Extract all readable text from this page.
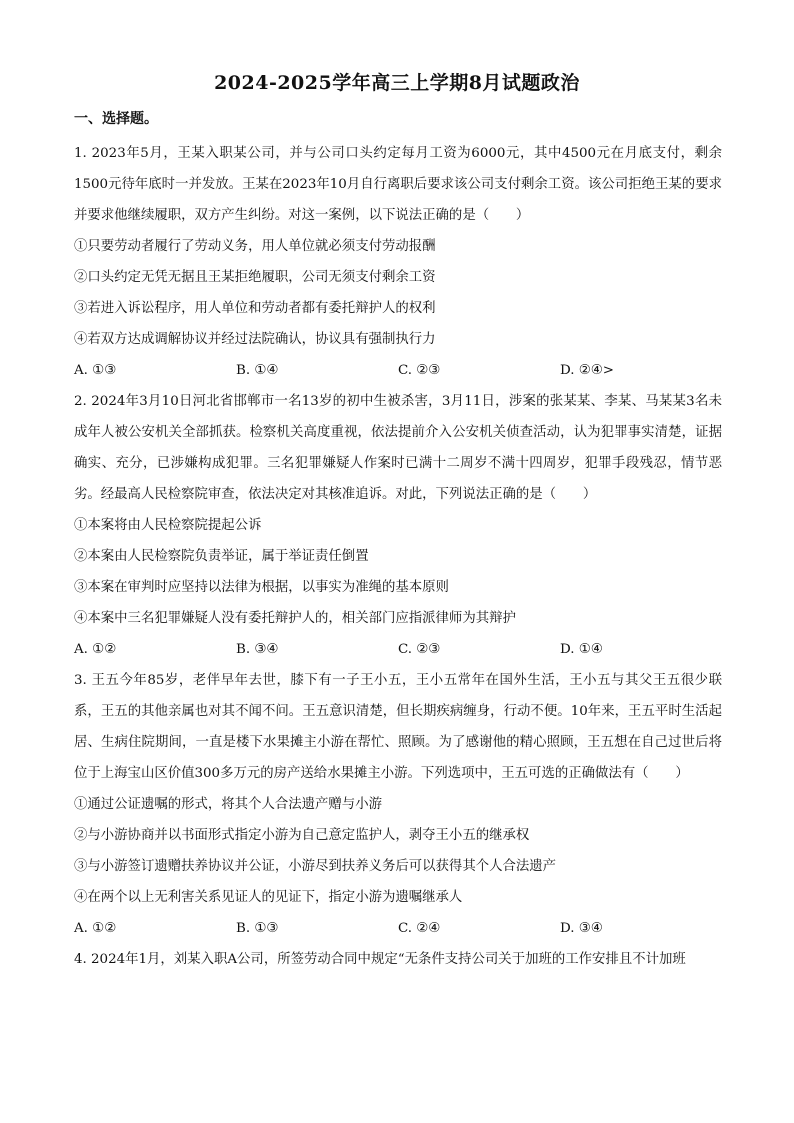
2024-2025学年高三上学期8月试题政治
一、选择题。
1. 2023年5月，王某入职某公司，并与公司口头约定每月工资为6000元，其中4500元在月底支付，剩余1500元待年底时一并发放。王某在2023年10月自行离职后要求该公司支付剩余工资。该公司拒绝王某的要求并要求他继续履职，双方产生纠纷。对这一案例，以下说法正确的是（　　）
①只要劳动者履行了劳动义务，用人单位就必须支付劳动报酬
②口头约定无凭无据且王某拒绝履职，公司无须支付剩余工资
③若进入诉讼程序，用人单位和劳动者都有委托辩护人的权利
④若双方达成调解协议并经过法院确认，协议具有强制执行力
A. ①③	B. ①④	C. ②③	D. ②④>
2. 2024年3月10日河北省邯郸市一名13岁的初中生被杀害，3月11日，涉案的张某某、李某、马某某3名未成年人被公安机关全部抓获。检察机关高度重视，依法提前介入公安机关侦查活动，认为犯罪事实清楚，证据确实、充分，已涉嫌构成犯罪。三名犯罪嫌疑人作案时已满十二周岁不满十四周岁，犯罪手段残忍，情节恶劣。经最高人民检察院审查，依法决定对其核准追诉。对此，下列说法正确的是（　　）
①本案将由人民检察院提起公诉
②本案由人民检察院负责举证，属于举证责任倒置
③本案在审判时应坚持以法律为根据，以事实为准绳的基本原则
④本案中三名犯罪嫌疑人没有委托辩护人的，相关部门应指派律师为其辩护
A. ①②	B. ③④	C. ②③	D. ①④
3. 王五今年85岁，老伴早年去世，膝下有一子王小五，王小五常年在国外生活，王小五与其父王五很少联系，王五的其他亲属也对其不闻不问。王五意识清楚，但长期疾病缠身，行动不便。10年来，王五平时生活起居、生病住院期间，一直是楼下水果摊主小游在帮忙、照顾。为了感谢他的精心照顾，王五想在自己过世后将位于上海宝山区价值300多万元的房产送给水果摊主小游。下列选项中，王五可选的正确做法有（　　）
①通过公证遗嘱的形式，将其个人合法遗产赠与小游
②与小游协商并以书面形式指定小游为自己意定监护人，剥夺王小五的继承权
③与小游签订遗赠扶养协议并公证，小游尽到扶养义务后可以获得其个人合法遗产
④在两个以上无利害关系见证人的见证下，指定小游为遗嘱继承人
A. ①②	B. ①③	C. ②④	D. ③④
4. 2024年1月，刘某入职A公司，所签劳动合同中规定“无条件支持公司关于加班的工作安排且不计加班
